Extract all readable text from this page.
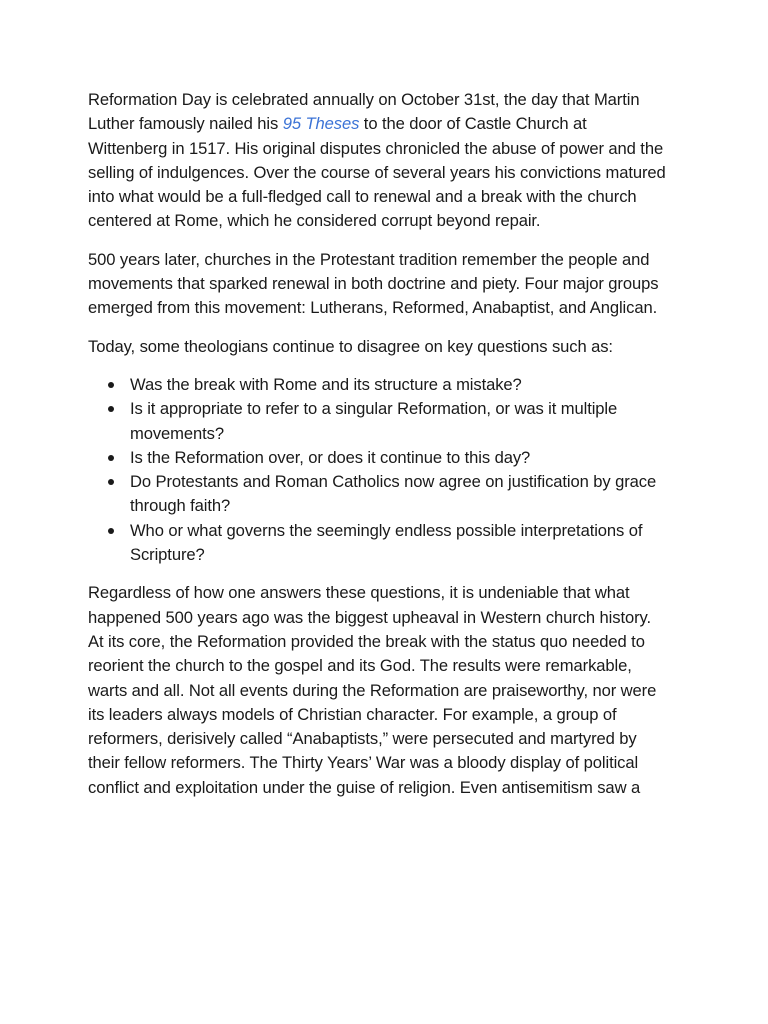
Reformation Day is celebrated annually on October 31st, the day that Martin Luther famously nailed his 95 Theses to the door of Castle Church at Wittenberg in 1517. His original disputes chronicled the abuse of power and the selling of indulgences. Over the course of several years his convictions matured into what would be a full-fledged call to renewal and a break with the church centered at Rome, which he considered corrupt beyond repair.

500 years later, churches in the Protestant tradition remember the people and movements that sparked renewal in both doctrine and piety. Four major groups emerged from this movement: Lutherans, Reformed, Anabaptist, and Anglican.

Today, some theologians continue to disagree on key questions such as:

Was the break with Rome and its structure a mistake?
Is it appropriate to refer to a singular Reformation, or was it multiple movements?
Is the Reformation over, or does it continue to this day?
Do Protestants and Roman Catholics now agree on justification by grace through faith?
Who or what governs the seemingly endless possible interpretations of Scripture?

Regardless of how one answers these questions, it is undeniable that what happened 500 years ago was the biggest upheaval in Western church history. At its core, the Reformation provided the break with the status quo needed to reorient the church to the gospel and its God. The results were remarkable, warts and all. Not all events during the Reformation are praiseworthy, nor were its leaders always models of Christian character. For example, a group of reformers, derisively called “Anabaptists,” were persecuted and martyred by their fellow reformers. The Thirty Years’ War was a bloody display of political conflict and exploitation under the guise of religion. Even antisemitism saw a
